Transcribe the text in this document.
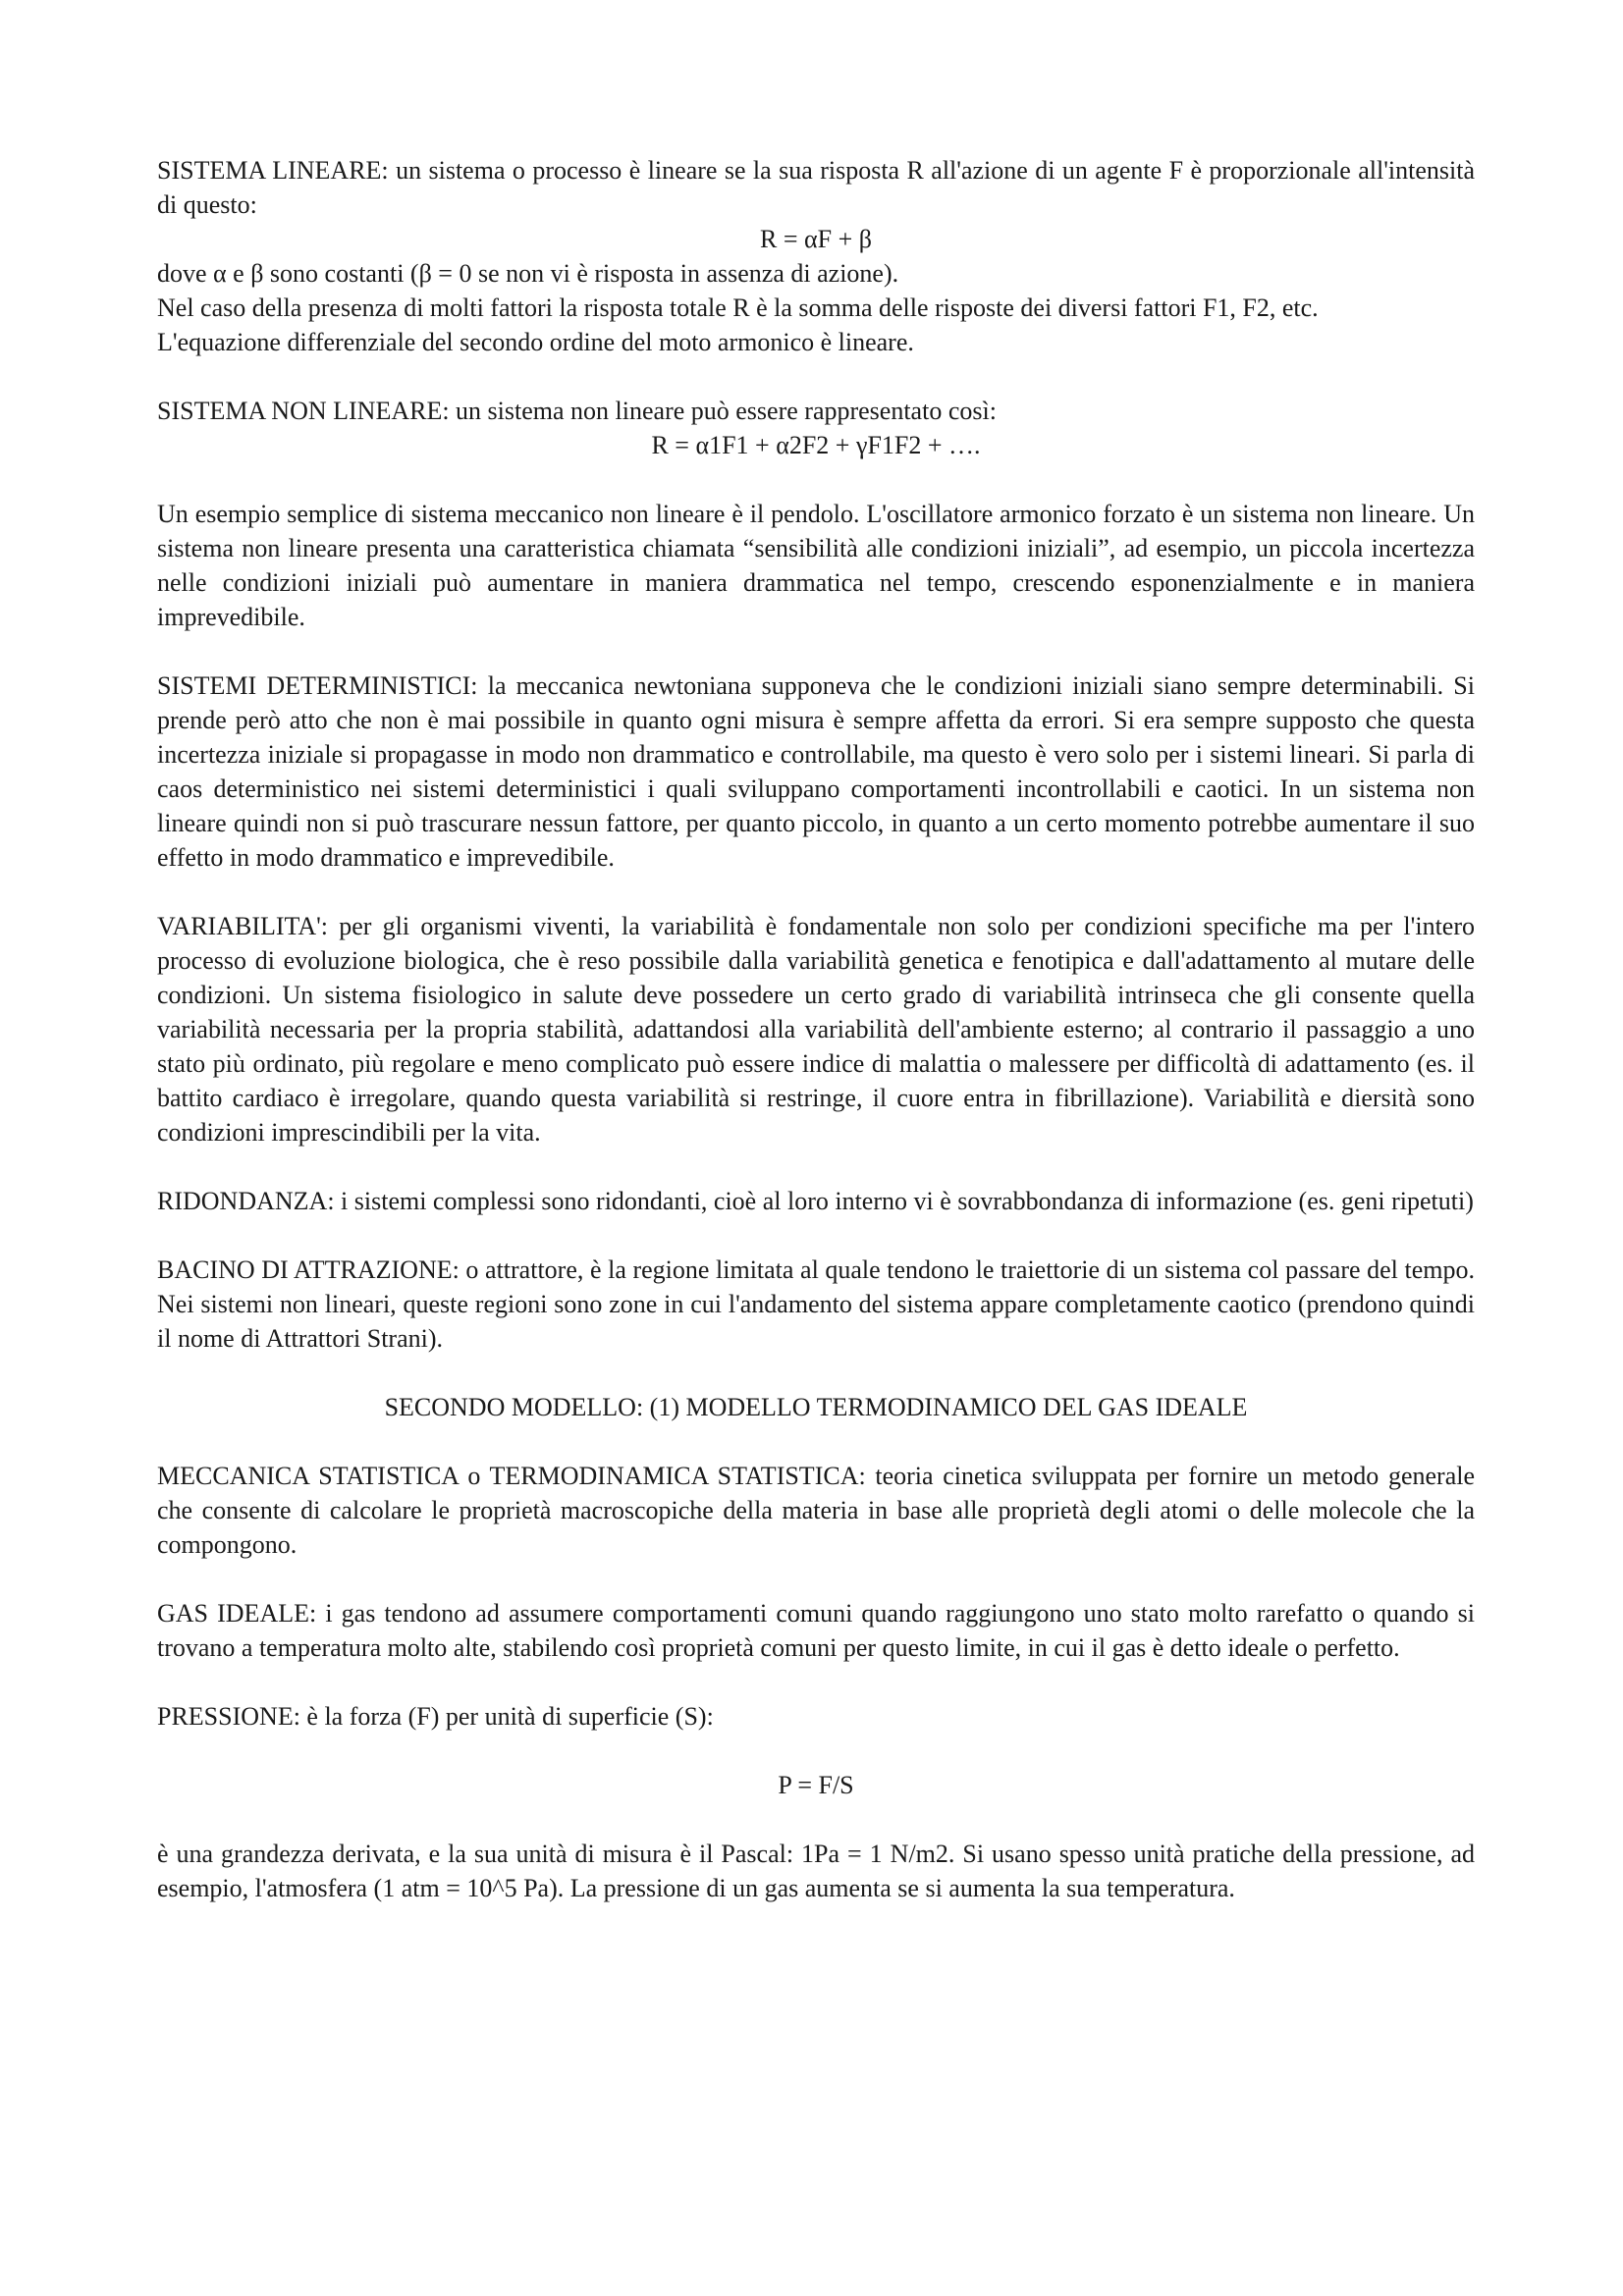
SISTEMA LINEARE: un sistema o processo è lineare se la sua risposta R all'azione di un agente F è proporzionale all'intensità di questo:

R = αF + β

dove α e β sono costanti (β = 0 se non vi è risposta in assenza di azione).

Nel caso della presenza di molti fattori la risposta totale R è la somma delle risposte dei diversi fattori F1, F2, etc.

L'equazione differenziale del secondo ordine del moto armonico è lineare.

SISTEMA NON LINEARE: un sistema non lineare può essere rappresentato così:

R = α1F1 + α2F2 + γF1F2 + ….

Un esempio semplice di sistema meccanico non lineare è il pendolo. L'oscillatore armonico forzato è un sistema non lineare. Un sistema non lineare presenta una caratteristica chiamata “sensibilità alle condizioni iniziali”, ad esempio, un piccola incertezza nelle condizioni iniziali può aumentare in maniera drammatica nel tempo, crescendo esponenzialmente e in maniera imprevedibile.

SISTEMI DETERMINISTICI: la meccanica newtoniana supponeva che le condizioni iniziali siano sempre determinabili. Si prende però atto che non è mai possibile in quanto ogni misura è sempre affetta da errori. Si era sempre supposto che questa incertezza iniziale si propagasse in modo non drammatico e controllabile, ma questo è vero solo per i sistemi lineari. Si parla di caos deterministico nei sistemi deterministici i quali sviluppano comportamenti incontrollabili e caotici. In un sistema non lineare quindi non si può trascurare nessun fattore, per quanto piccolo, in quanto a un certo momento potrebbe aumentare il suo effetto in modo drammatico e imprevedibile.

VARIABILITA': per gli organismi viventi, la variabilità è fondamentale non solo per condizioni specifiche ma per l'intero processo di evoluzione biologica, che è reso possibile dalla variabilità genetica e fenotipica e dall'adattamento al mutare delle condizioni. Un sistema fisiologico in salute deve possedere un certo grado di variabilità intrinseca che gli consente quella variabilità necessaria per la propria stabilità, adattandosi alla variabilità dell'ambiente esterno; al contrario il passaggio a uno stato più ordinato, più regolare e meno complicato può essere indice di malattia o malessere per difficoltà di adattamento (es. il battito cardiaco è irregolare, quando questa variabilità si restringe, il cuore entra in fibrillazione). Variabilità e diersità sono condizioni imprescindibili per la vita.

RIDONDANZA: i sistemi complessi sono ridondanti, cioè al loro interno vi è sovrabbondanza di informazione (es. geni ripetuti)

BACINO DI ATTRAZIONE: o attrattore, è la regione limitata al quale tendono le traiettorie di un sistema col passare del tempo. Nei sistemi non lineari, queste regioni sono zone in cui l'andamento del sistema appare completamente caotico (prendono quindi il nome di Attrattori Strani).

SECONDO MODELLO: (1) MODELLO TERMODINAMICO DEL GAS IDEALE

MECCANICA STATISTICA o TERMODINAMICA STATISTICA: teoria cinetica sviluppata per fornire un metodo generale che consente di calcolare le proprietà macroscopiche della materia in base alle proprietà degli atomi o delle molecole che la compongono.

GAS IDEALE: i gas tendono ad assumere comportamenti comuni quando raggiungono uno stato molto rarefatto o quando si trovano a temperatura molto alte, stabilendo così proprietà comuni per questo limite, in cui il gas è detto ideale o perfetto.

PRESSIONE: è la forza (F) per unità di superficie (S):

P = F/S

è una grandezza derivata, e la sua unità di misura è il Pascal: 1Pa = 1 N/m2. Si usano spesso unità pratiche della pressione, ad esempio, l'atmosfera (1 atm = 10^5 Pa). La pressione di un gas aumenta se si aumenta la sua temperatura.
